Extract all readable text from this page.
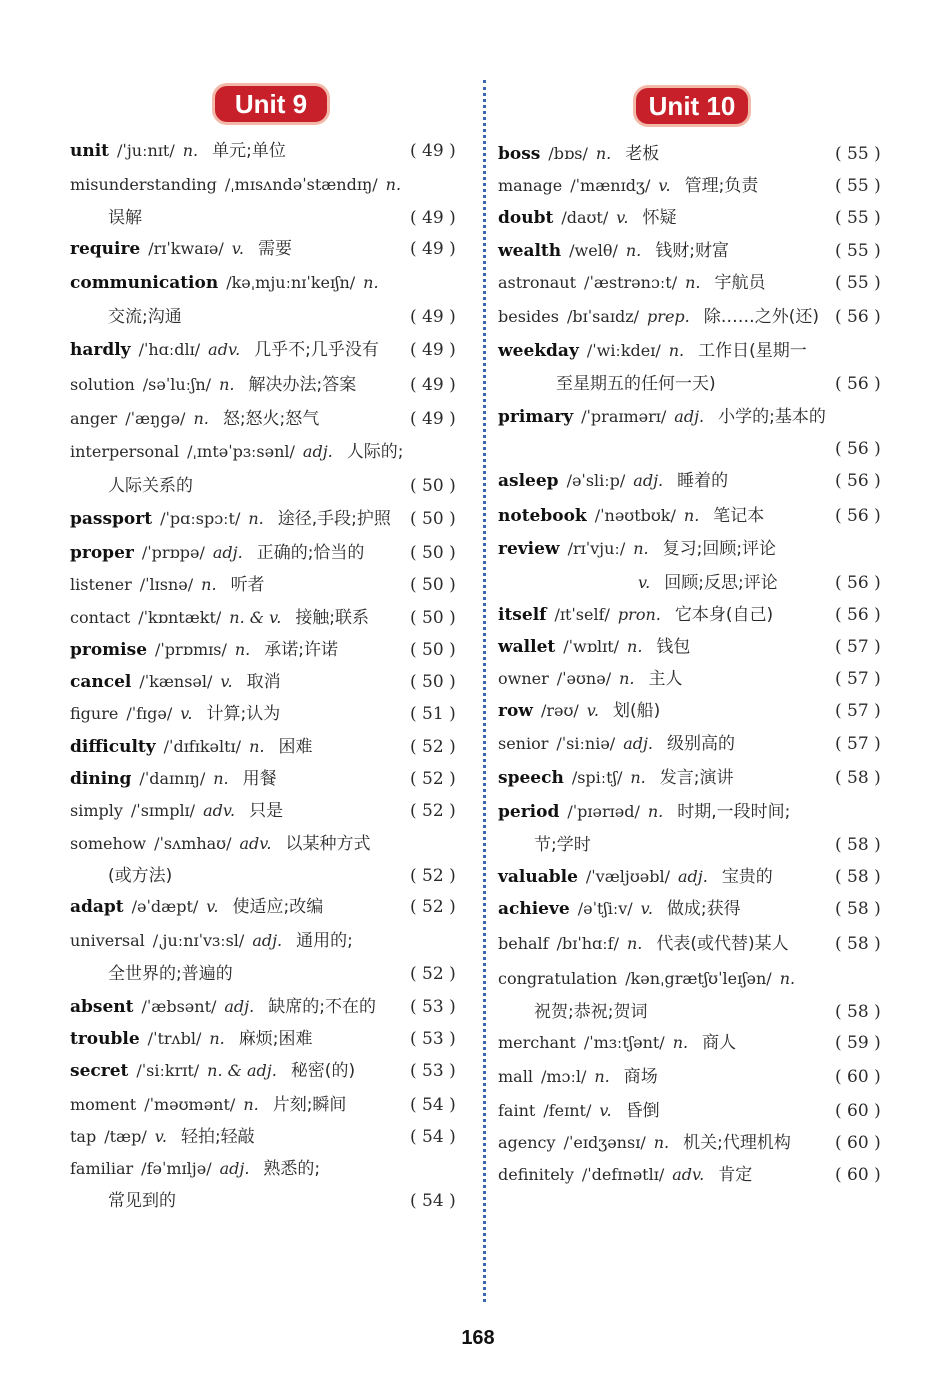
Unit 9	Unit 10
unit /ˈjuːnɪt/ n. 单元;单位	( 49 )
misunderstanding /ˌmɪsʌndəˈstændɪŋ/ n.
误解	( 49 )
require /rɪˈkwaɪə/ v. 需要	( 49 )
communication /kəˌmjuːnɪˈkeɪʃn/ n.
交流;沟通	( 49 )
hardly /ˈhɑːdlɪ/ adv. 几乎不;几乎没有 ( 49 )
solution /səˈluːʃn/ n. 解决办法;答案	( 49 )
anger /ˈæŋgə/ n. 怒;怒火;怒气	( 49 )
interpersonal /ˌɪntəˈpɜːsənl/ adj. 人际的;
人际关系的	( 50 )
passport /ˈpɑːspɔːt/ n. 途径,手段;护照 ( 50 )
proper /ˈprɒpə/ adj. 正确的;恰当的	( 50 )
listener /ˈlɪsnə/ n. 听者	( 50 )
contact /ˈkɒntækt/ n. & v. 接触;联系 ( 50 )
promise /ˈprɒmɪs/ n. 承诺;许诺	( 50 )
cancel /ˈkænsəl/ v. 取消	( 50 )
figure /ˈfɪgə/ v. 计算;认为	( 51 )
difficulty /ˈdɪfɪkəltɪ/ n. 困难	( 52 )
dining /ˈdaɪnɪŋ/ n. 用餐	( 52 )
simply /ˈsɪmplɪ/ adv. 只是	( 52 )
somehow /ˈsʌmhaʊ/ adv. 以某种方式
(或方法)	( 52 )
adapt /əˈdæpt/ v. 使适应;改编	( 52 )
universal /ˌjuːnɪˈvɜːsl/ adj. 通用的;
全世界的;普遍的	( 52 )
absent /ˈæbsənt/ adj. 缺席的;不在的 ( 53 )
trouble /ˈtrʌbl/ n. 麻烦;困难	( 53 )
secret /ˈsiːkrɪt/ n. & adj. 秘密(的)	( 53 )
moment /ˈməʊmənt/ n. 片刻;瞬间	( 54 )
tap /tæp/ v. 轻拍;轻敲	( 54 )
familiar /fəˈmɪljə/ adj. 熟悉的;
常见到的	( 54 )
boss /bɒs/ n. 老板	( 55 )
manage /ˈmænɪdʒ/ v. 管理;负责	( 55 )
doubt /daʊt/ v. 怀疑	( 55 )
wealth /welθ/ n. 钱财;财富	( 55 )
astronaut /ˈæstrənɔːt/ n. 宇航员	( 55 )
besides /bɪˈsaɪdz/ prep. 除……之外(还) ( 56 )
weekday /ˈwiːkdeɪ/ n. 工作日(星期一
至星期五的任何一天)	( 56 )
primary /ˈpraɪmərɪ/ adj. 小学的;基本的
( 56 )
asleep /əˈsliːp/ adj. 睡着的	( 56 )
notebook /ˈnəʊtbʊk/ n. 笔记本	( 56 )
review /rɪˈvjuː/ n. 复习;回顾;评论
v. 回顾;反思;评论	( 56 )
itself /ɪtˈself/ pron. 它本身(自己)	( 56 )
wallet /ˈwɒlɪt/ n. 钱包	( 57 )
owner /ˈəʊnə/ n. 主人	( 57 )
row /rəʊ/ v. 划(船)	( 57 )
senior /ˈsiːniə/ adj. 级别高的	( 57 )
speech /spiːtʃ/ n. 发言;演讲	( 58 )
period /ˈpɪərɪəd/ n. 时期,一段时间;
节;学时	( 58 )
valuable /ˈvæljʊəbl/ adj. 宝贵的	( 58 )
achieve /əˈtʃiːv/ v. 做成;获得	( 58 )
behalf /bɪˈhɑːf/ n. 代表(或代替)某人	( 58 )
congratulation /kənˌgrætʃʊˈleɪʃən/ n.
祝贺;恭祝;贺词	( 58 )
merchant /ˈmɜːtʃənt/ n. 商人	( 59 )
mall /mɔːl/ n. 商场	( 60 )
faint /feɪnt/ v. 昏倒	( 60 )
agency /ˈeɪdʒənsɪ/ n. 机关;代理机构	( 60 )
definitely /ˈdefɪnətlɪ/ adv. 肯定	( 60 )
168
